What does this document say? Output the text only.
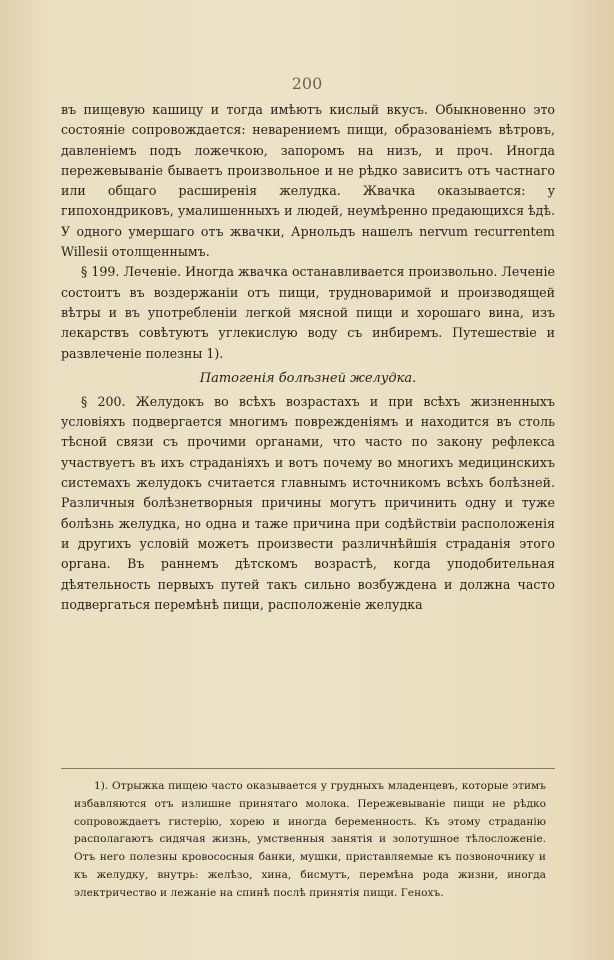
200

въ пищевую кашицу и тогда имѣютъ кислый вкусъ. Обыкновенно это состояніе сопровождается: неварениемъ пищи, образованіемъ вѣтровъ, давленіемъ подъ ложечкою, запоромъ на низъ, и проч. Иногда пережевываніе бываетъ произвольное и не рѣдко зависитъ отъ частнаго или общаго расширенія желудка. Жвачка оказывается: у гипохондриковъ, умалишенныхъ и людей, неумѣренно предающихся ѣдѣ. У одного умершаго отъ жвачки, Арнольдъ нашелъ nervum recurrentem Willesii отолщеннымъ.

§ 199. Леченіе. Иногда жвачка останавливается произвольно. Леченіе состоитъ въ воздержаніи отъ пищи, трудноваримой и производящей вѣтры и въ употребленіи легкой мясной пищи и хорошаго вина, изъ лекарствъ совѣтуютъ углекислую воду съ инбиремъ. Путешествіе и развлеченіе полезны 1).

Патогенія болѣзней желудка.

§ 200. Желудокъ во всѣхъ возрастахъ и при всѣхъ жизненныхъ условіяхъ подвергается многимъ поврежденіямъ и находится въ столь тѣсной связи съ прочими органами, что часто по закону рефлекса участвуетъ въ ихъ страданіяхъ и вотъ почему во многихъ медицинскихъ системахъ желудокъ считается главнымъ источникомъ всѣхъ болѣзней. Различныя болѣзнетворныя причины могутъ причинить одну и туже болѣзнь желудка, но одна и таже причина при содѣйствіи расположенія и другихъ условій можетъ произвести различнѣйшія страданія этого органа. Въ раннемъ дѣтскомъ возрастѣ, когда уподобительная дѣятельность первыхъ путей такъ сильно возбуждена и должна часто подвергаться перемѣнѣ пищи, расположеніе желудка

1). Отрыжка пищею часто оказывается у грудныхъ младенцевъ, которые этимъ избавляются отъ излишне принятаго молока. Пережевываніе пищи не рѣдко сопровождаетъ гистерію, хорею и иногда беременность. Къ этому страданію располагаютъ сидячая жизнь, умственныя занятія и золотушное тѣлосложеніе. Отъ него полезны кровососныя банки, мушки, приставляемые къ позвоночнику и къ желудку, внутрь: желѣзо, хина, бисмутъ, перемѣна рода жизни, иногда электричество и лежаніе на спинѣ послѣ принятія пищи. Генохъ.
